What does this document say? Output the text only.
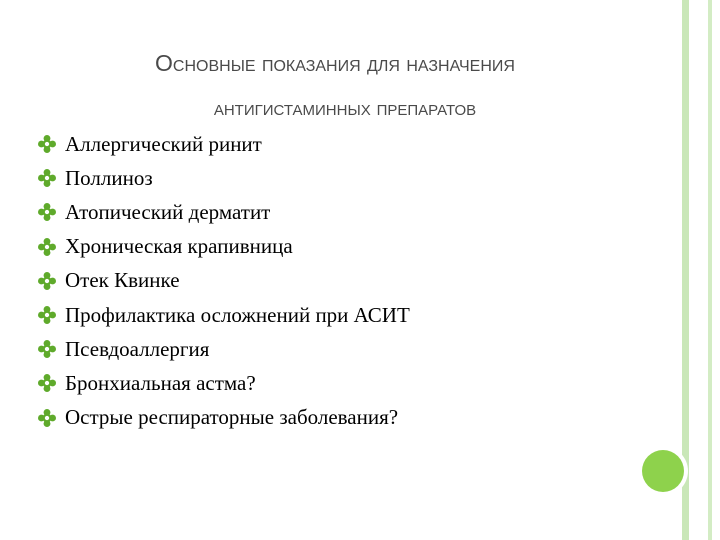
Основные показания для назначения
антигистаминных препаратов
Аллергический ринит
Поллиноз
Атопический дерматит
Хроническая крапивница
Отек Квинке
Профилактика осложнений при АСИТ
Псевдоаллергия
Бронхиальная астма?
Острые респираторные заболевания?
